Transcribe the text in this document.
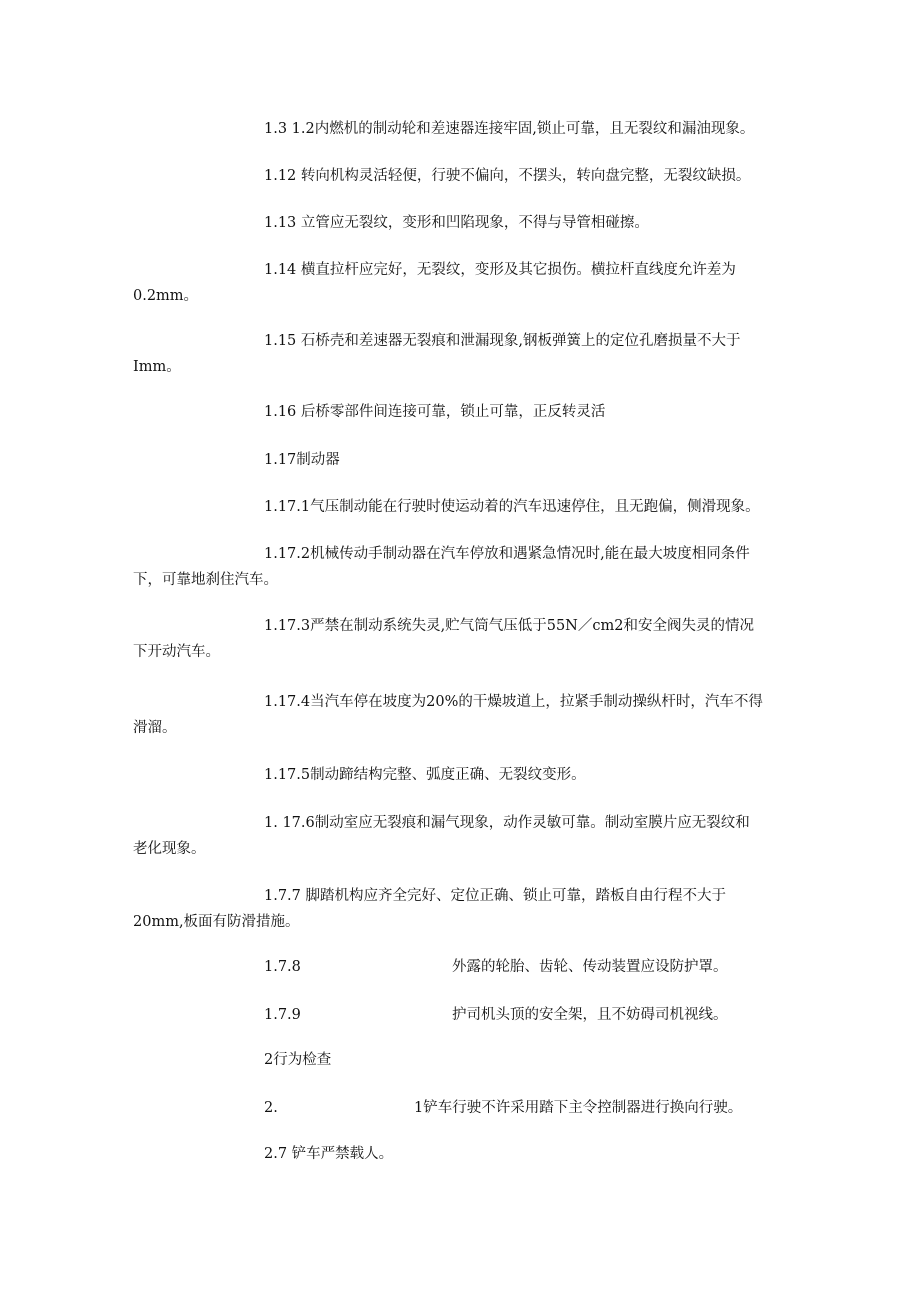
1.3 1.2内燃机的制动轮和差速器连接牢固,锁止可靠，且无裂纹和漏油现象。

1.12 转向机构灵活轻便，行驶不偏向，不摆头，转向盘完整，无裂纹缺损。

1.13 立管应无裂纹，变形和凹陷现象，不得与导管相碰擦。

1.14 横直拉杆应完好，无裂纹，变形及其它损伤。横拉杆直线度允许差为
0.2mm。

1.15 石桥壳和差速器无裂痕和泄漏现象,钢板弹簧上的定位孔磨损量不大于
Imm。

1.16 后桥零部件间连接可靠，锁止可靠，正反转灵活

1.17制动器

1.17.1气压制动能在行驶时使运动着的汽车迅速停住，且无跑偏，侧滑现象。

1.17.2机械传动手制动器在汽车停放和遇紧急情况时,能在最大坡度相同条件
下，可靠地刹住汽车。

1.17.3严禁在制动系统失灵,贮气筒气压低于55N／cm2和安全阀失灵的情况
下开动汽车。

1.17.4当汽车停在坡度为20%的干燥坡道上，拉紧手制动操纵杆时，汽车不得
滑溜。

1.17.5制动蹄结构完整、弧度正确、无裂纹变形。

1. 17.6制动室应无裂痕和漏气现象，动作灵敏可靠。制动室膜片应无裂纹和
老化现象。

1.7.7 脚踏机构应齐全完好、定位正确、锁止可靠，踏板自由行程不大于
20mm,板面有防滑措施。

1.7.8	外露的轮胎、齿轮、传动装置应设防护罩。

1.7.9	护司机头顶的安全架，且不妨碍司机视线。

2行为检查

2.	1铲车行驶不许采用踏下主令控制器进行换向行驶。

2.7 铲车严禁载人。
